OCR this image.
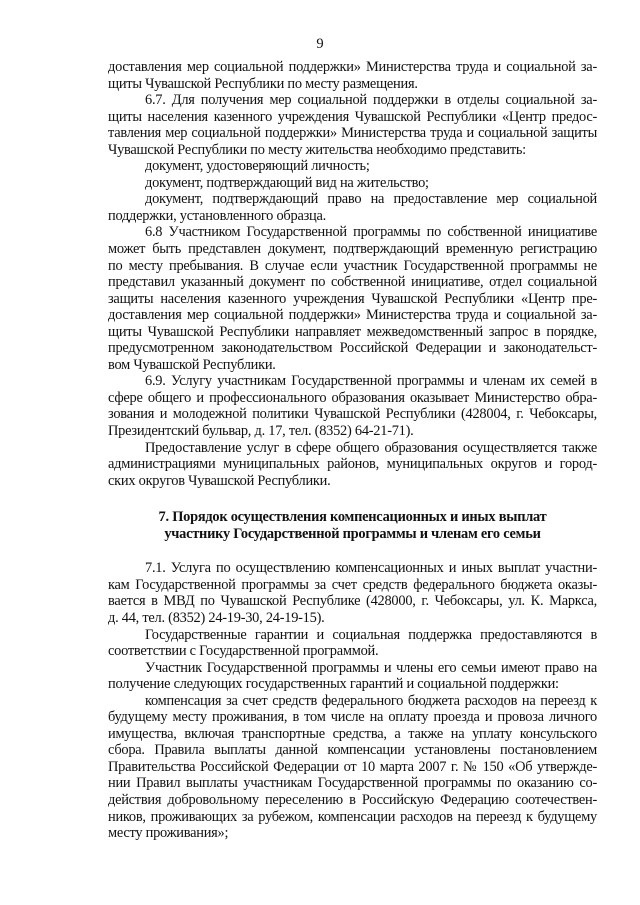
9
доставления мер социальной поддержки» Министерства труда и социальной за-
щиты Чувашской Республики по месту размещения.
6.7. Для получения мер социальной поддержки в отделы социальной за-
щиты населения казенного учреждения Чувашской Республики «Центр предос-
тавления мер социальной поддержки» Министерства труда и социальной защиты
Чувашской Республики по месту жительства необходимо представить:
документ, удостоверяющий личность;
документ, подтверждающий вид на жительство;
документ, подтверждающий право на предоставление мер социальной
поддержки, установленного образца.
6.8 Участником Государственной программы по собственной инициативе
может быть представлен документ, подтверждающий временную регистрацию
по месту пребывания. В случае если участник Государственной программы не
представил указанный документ по собственной инициативе, отдел социальной
защиты населения казенного учреждения Чувашской Республики «Центр пре-
доставления мер социальной поддержки» Министерства труда и социальной за-
щиты Чувашской Республики направляет межведомственный запрос в порядке,
предусмотренном законодательством Российской Федерации и законодательст-
вом Чувашской Республики.
6.9. Услугу участникам Государственной программы и членам их семей в
сфере общего и профессионального образования оказывает Министерство обра-
зования и молодежной политики Чувашской Республики (428004, г. Чебоксары,
Президентский бульвар, д. 17, тел. (8352) 64-21-71).
Предоставление услуг в сфере общего образования осуществляется также
администрациями муниципальных районов, муниципальных округов и город-
ских округов Чувашской Республики.
7. Порядок осуществления компенсационных и иных выплат
участнику Государственной программы и членам его семьи
7.1. Услуга по осуществлению компенсационных и иных выплат участни-
кам Государственной программы за счет средств федерального бюджета оказы-
вается в МВД по Чувашской Республике (428000, г. Чебоксары, ул. К. Маркса,
д. 44, тел. (8352) 24-19-30, 24-19-15).
Государственные гарантии и социальная поддержка предоставляются в
соответствии с Государственной программой.
Участник Государственной программы и члены его семьи имеют право на
получение следующих государственных гарантий и социальной поддержки:
компенсация за счет средств федерального бюджета расходов на переезд к
будущему месту проживания, в том числе на оплату проезда и провоза личного
имущества, включая транспортные средства, а также на уплату консульского
сбора. Правила выплаты данной компенсации установлены постановлением
Правительства Российской Федерации от 10 марта 2007 г. № 150 «Об утвержде-
нии Правил выплаты участникам Государственной программы по оказанию со-
действия добровольному переселению в Российскую Федерацию соотечествен-
ников, проживающих за рубежом, компенсации расходов на переезд к будущему
месту проживания»;
